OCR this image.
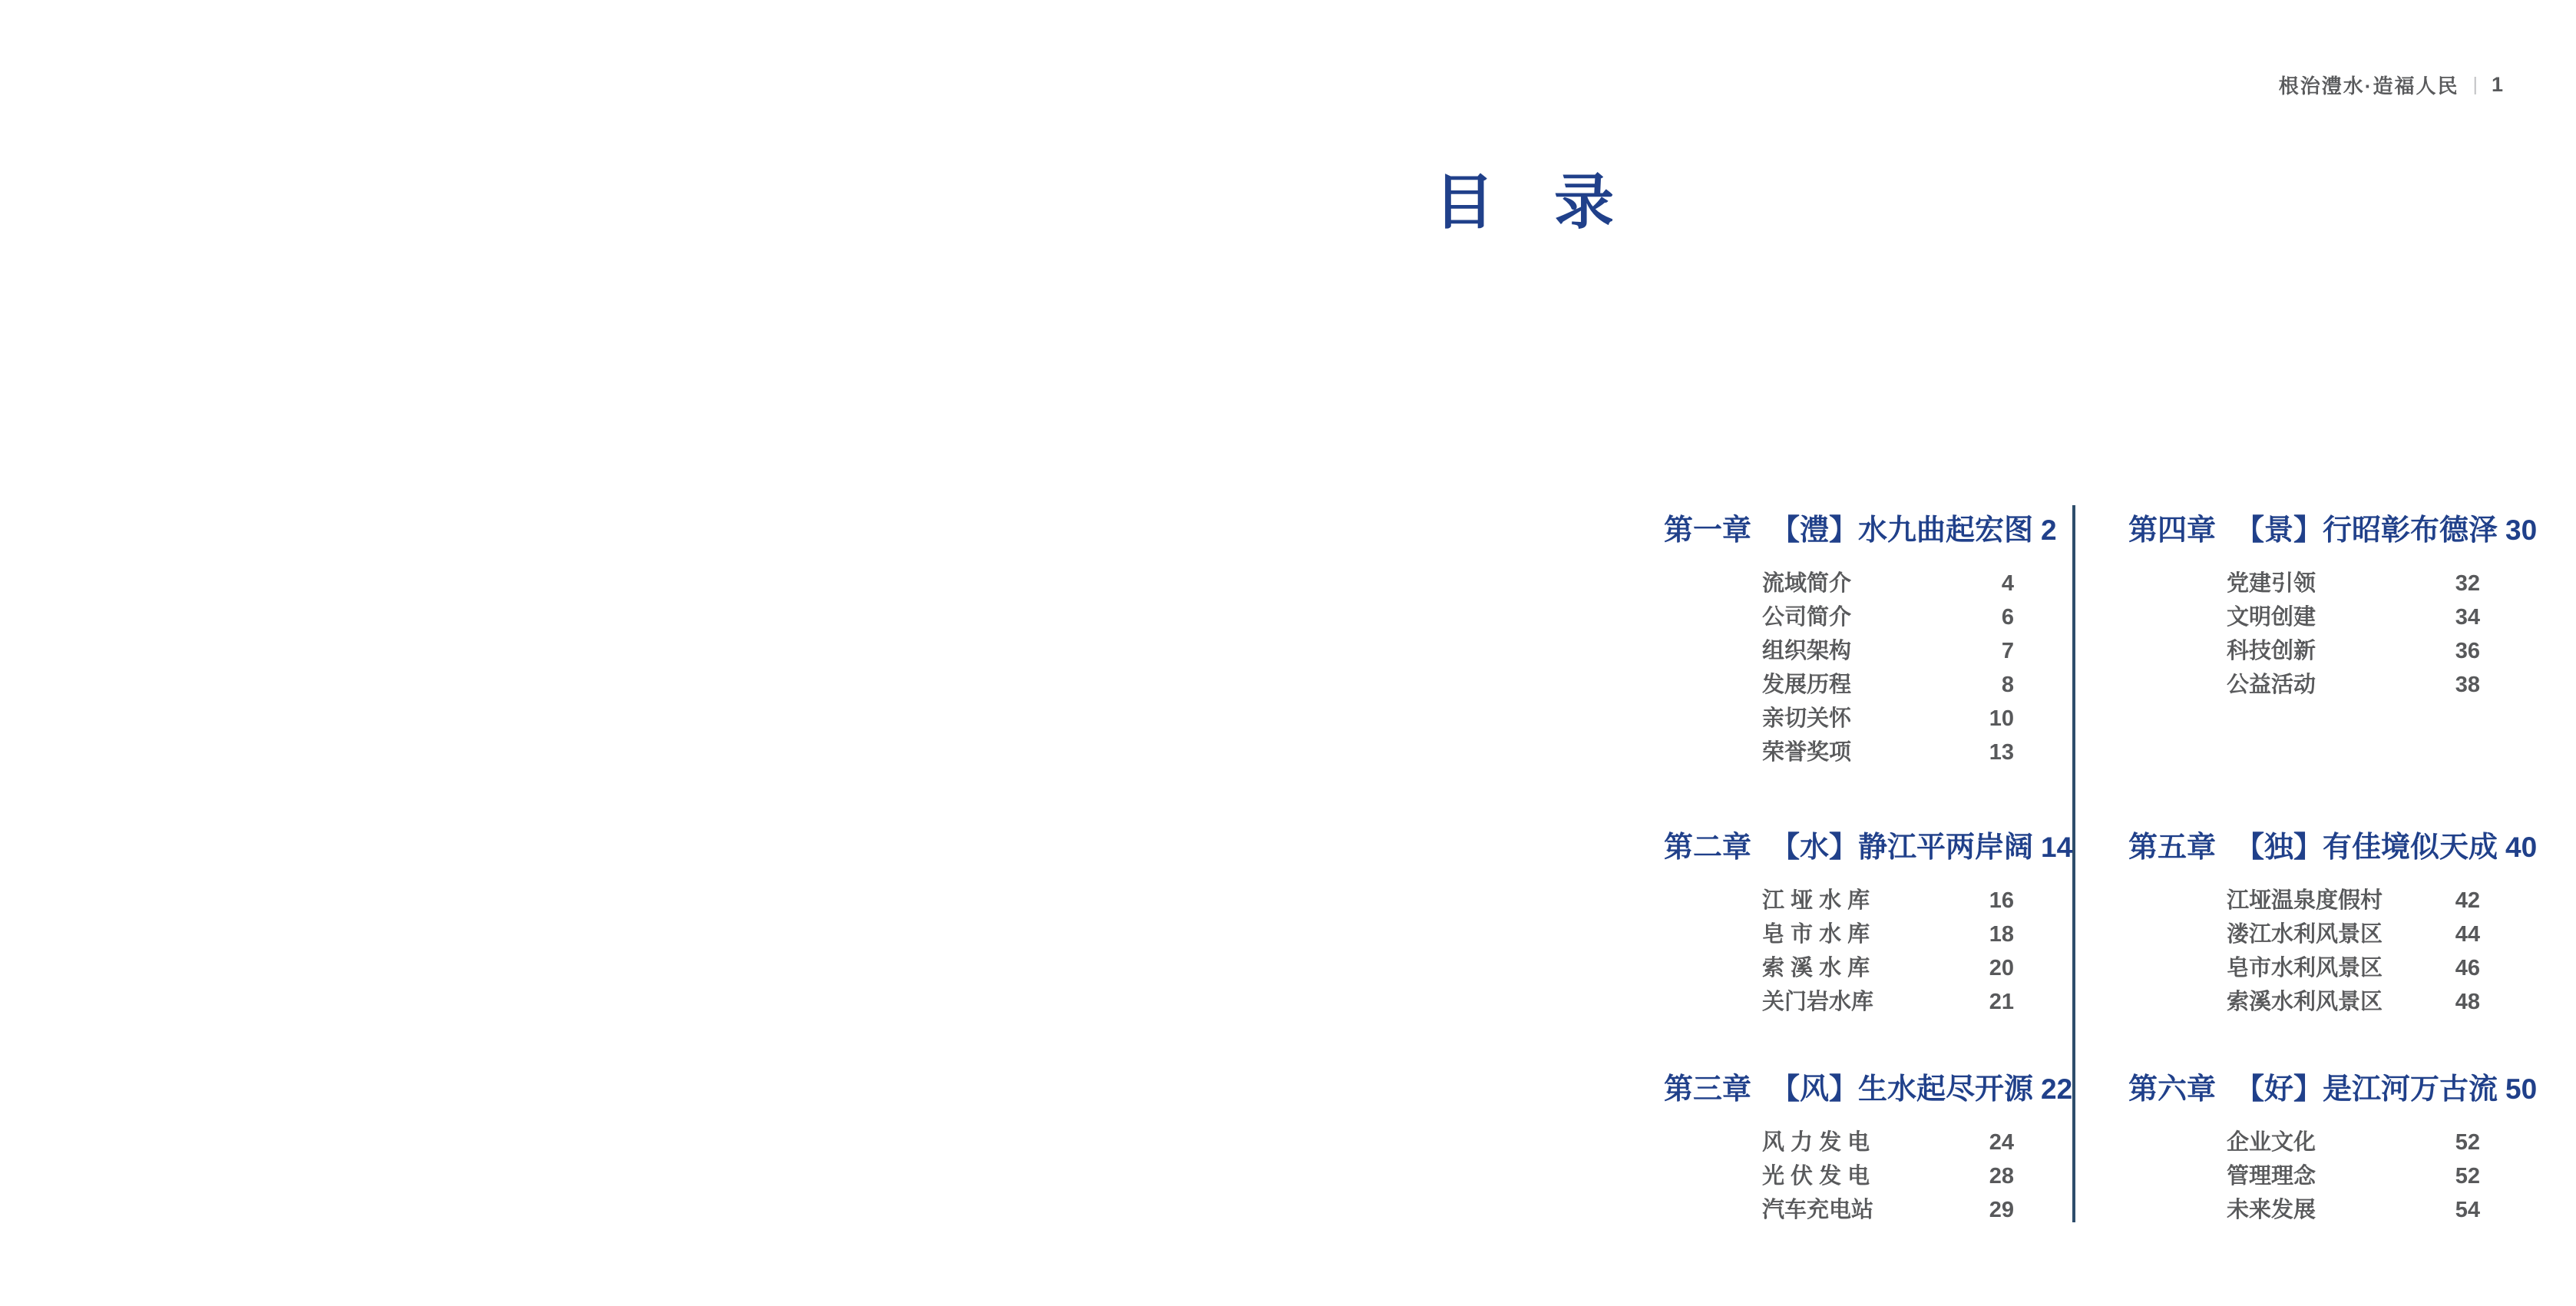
根治澧水·造福人民 | 1
目　录
第一章 【澧】水九曲起宏图 2
流域简介	4
公司简介	6
组织架构	7
发展历程	8
亲切关怀	10
荣誉奖项	13
第二章 【水】静江平两岸阔 14
江 垭 水 库	16
皂 市 水 库	18
索 溪 水 库	20
关门岩水库	21
第三章 【风】生水起尽开源 22
风 力 发 电	24
光 伏 发 电	28
汽车充电站	29
第四章 【景】行昭彰布德泽 30
党建引领	32
文明创建	34
科技创新	36
公益活动	38
第五章 【独】有佳境似天成 40
江垭温泉度假村	42
溇江水利风景区	44
皂市水利风景区	46
索溪水利风景区	48
第六章 【好】是江河万古流 50
企业文化	52
管理理念	52
未来发展	54
